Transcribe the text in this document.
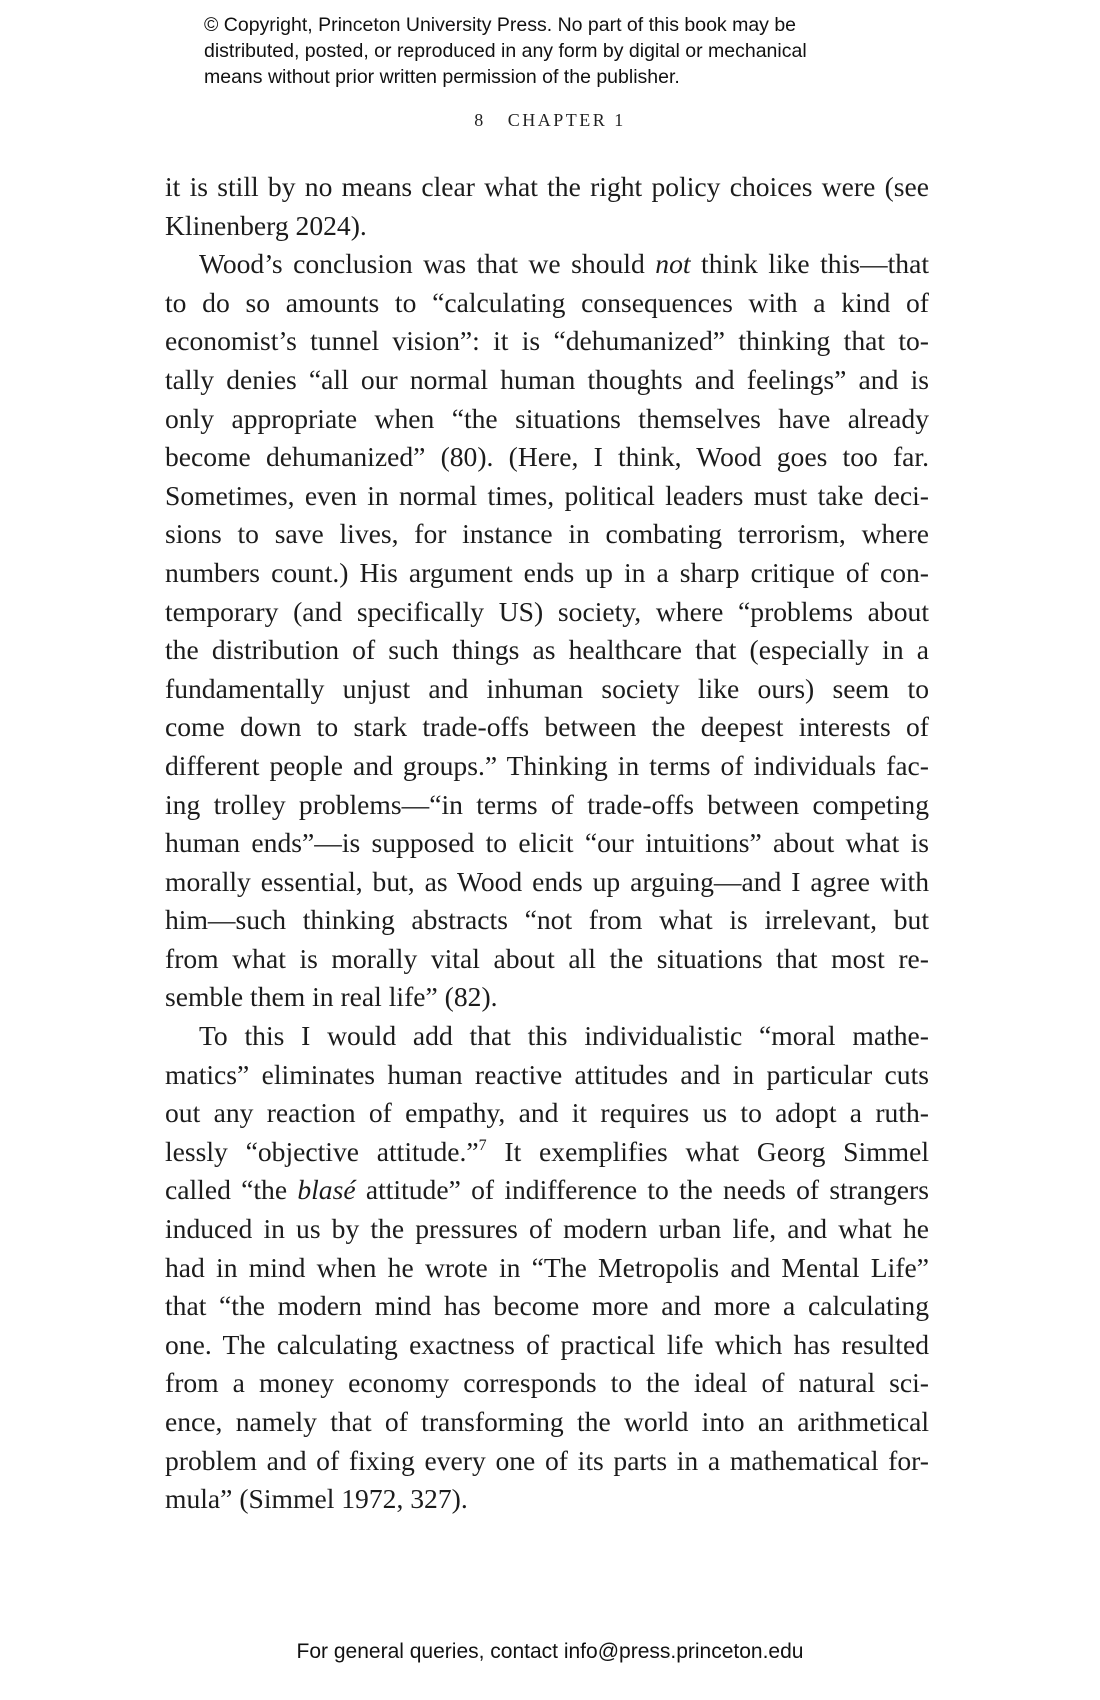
© Copyright, Princeton University Press. No part of this book may be
distributed, posted, or reproduced in any form by digital or mechanical
means without prior written permission of the publisher.
8 CHAPTER 1
it is still by no means clear what the right policy choices were (see
Klinenberg 2024).
Wood’s conclusion was that we should not think like this—that
to do so amounts to “calculating consequences with a kind of
economist’s tunnel vision”: it is “dehumanized” thinking that to-
tally denies “all our normal human thoughts and feelings” and is
only appropriate when “the situations themselves have already
become dehumanized” (80). (Here, I think, Wood goes too far.
Sometimes, even in normal times, political leaders must take deci-
sions to save lives, for instance in combating terrorism, where
numbers count.) His argument ends up in a sharp critique of con-
temporary (and specifically US) society, where “problems about
the distribution of such things as healthcare that (especially in a
fundamentally unjust and inhuman society like ours) seem to
come down to stark trade-offs between the deepest interests of
different people and groups.” Thinking in terms of individuals fac-
ing trolley problems—“in terms of trade-offs between competing
human ends”—is supposed to elicit “our intuitions” about what is
morally essential, but, as Wood ends up arguing—and I agree with
him—such thinking abstracts “not from what is irrelevant, but
from what is morally vital about all the situations that most re-
semble them in real life” (82).
To this I would add that this individualistic “moral mathe-
matics” eliminates human reactive attitudes and in particular cuts
out any reaction of empathy, and it requires us to adopt a ruth-
lessly “objective attitude.”$^7$ It exemplifies what Georg Simmel
called “the blasé attitude” of indifference to the needs of strangers
induced in us by the pressures of modern urban life, and what he
had in mind when he wrote in “The Metropolis and Mental Life”
that “the modern mind has become more and more a calculating
one. The calculating exactness of practical life which has resulted
from a money economy corresponds to the ideal of natural sci-
ence, namely that of transforming the world into an arithmetical
problem and of fixing every one of its parts in a mathematical for-
mula” (Simmel 1972, 327).
For general queries, contact info@press.princeton.edu
